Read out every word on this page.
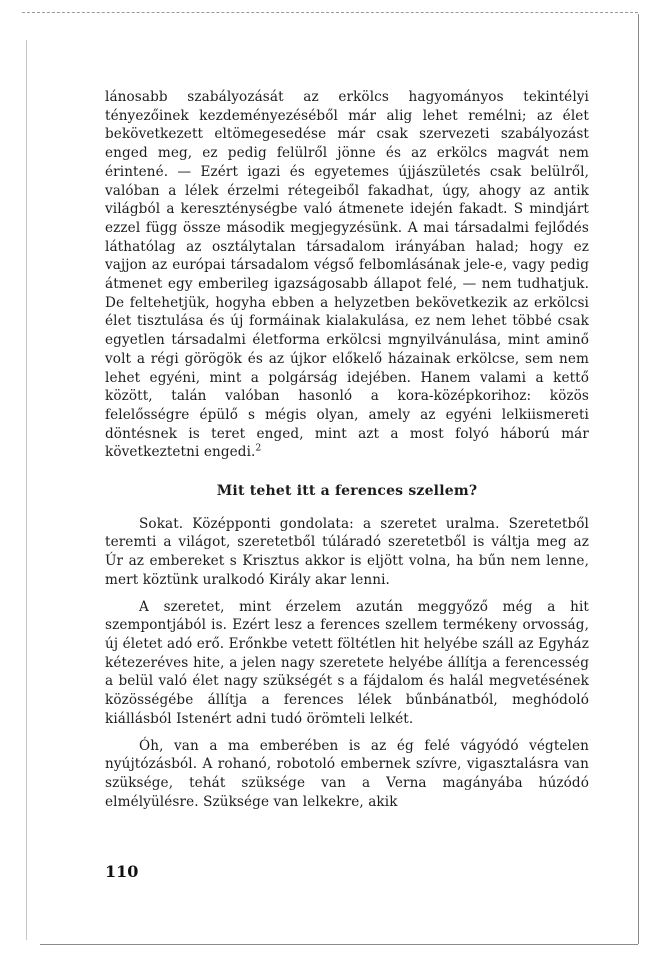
lánosabb szabályozását az erkölcs hagyományos tekintélyi tényezőinek kezdeményezéséből már alig lehet remélni; az élet bekövetkezett eltömegesedése már csak szervezeti szabályozást enged meg, ez pedig felülről jönne és az erkölcs magvát nem érintené. — Ezért igazi és egyetemes újjászületés csak belülről, valóban a lélek érzelmi rétegeiből fakadhat, úgy, ahogy az antik világból a kereszténységbe való átmenete idején fakadt. S mindjárt ezzel függ össze második megjegyzésünk. A mai társadalmi fejlődés láthatólag az osztálytalan társadalom irányában halad; hogy ez vajjon az európai társadalom végső felbomlásának jele-e, vagy pedig átmenet egy emberileg igazságosabb állapot felé, — nem tudhatjuk. De feltehetjük, hogyha ebben a helyzetben bekövetkezik az erkölcsi élet tisztulása és új formáinak kialakulása, ez nem lehet többé csak egyetlen társadalmi életforma erkölcsi mgnyilvánulása, mint aminő volt a régi görögök és az újkor előkelő házainak erkölcse, sem nem lehet egyéni, mint a polgárság idejében. Hanem valami a kettő között, talán valóban hasonló a kora-középkorihoz: közös felelősségre épülő s mégis olyan, amely az egyéni lelkiismereti döntésnek is teret enged, mint azt a most folyó háború már következtetni engedi.$^2$

Mit tehet itt a ferences szellem?

Sokat. Középponti gondolata: a szeretet uralma. Szeretetből teremti a világot, szeretetből túláradó szeretetből is váltja meg az Úr az embereket s Krisztus akkor is eljött volna, ha bűn nem lenne, mert köztünk uralkodó Király akar lenni.

A szeretet, mint érzelem azután meggyőző még a hit szempontjából is. Ezért lesz a ferences szellem termékeny orvosság, új életet adó erő. Erőnkbe vetett föltétlen hit helyébe száll az Egyház kétezeréves hite, a jelen nagy szeretete helyébe állítja a ferencesség a belül való élet nagy szükségét s a fájdalom és halál megvetésének közösségébe állítja a ferences lélek bűnbánatból, meghódoló kiállásból Istenért adni tudó örömteli lelkét.

Óh, van a ma emberében is az ég felé vágyódó végtelen nyújtózásból. A rohanó, robotoló embernek szívre, vigasztalásra van szüksége, tehát szüksége van a Verna magányába húzódó elmélyülésre. Szüksége van lelkekre, akik

110
